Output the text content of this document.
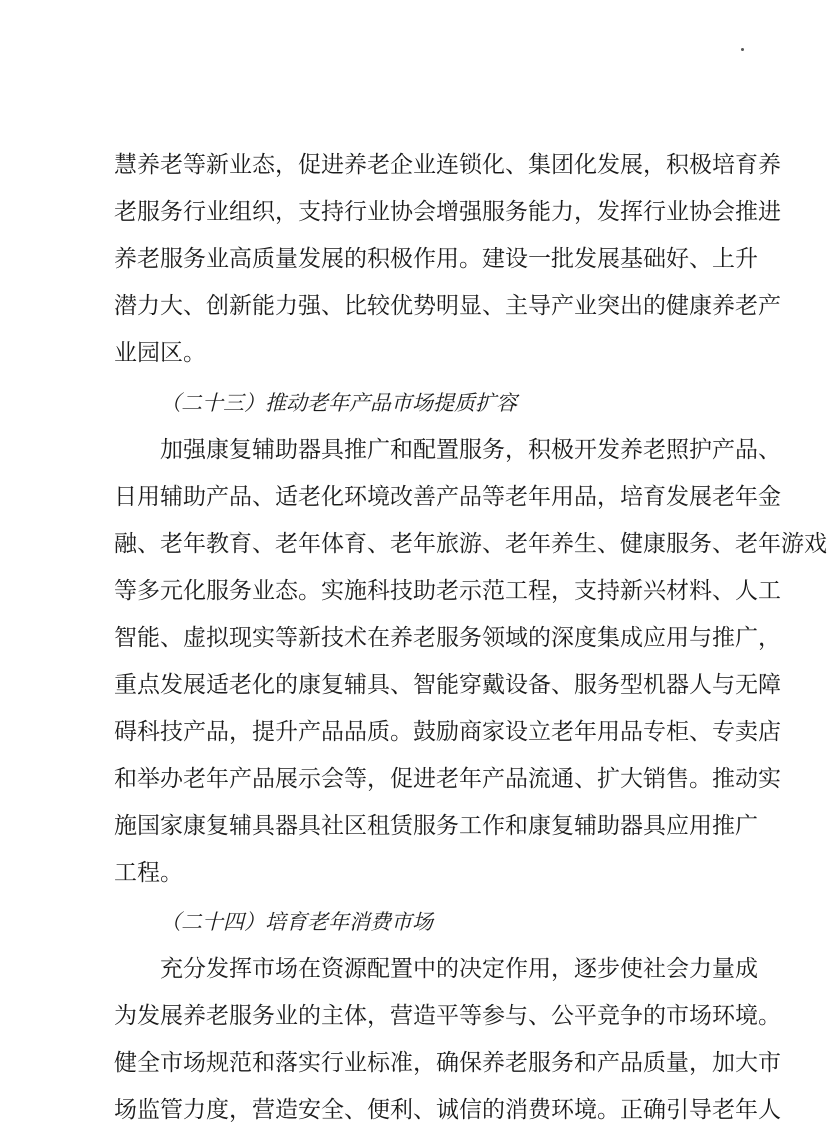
慧养老等新业态，促进养老企业连锁化、集团化发展，积极培育养
老服务行业组织，支持行业协会增强服务能力，发挥行业协会推进
养老服务业高质量发展的积极作用。建设一批发展基础好、上升
潜力大、创新能力强、比较优势明显、主导产业突出的健康养老产
业园区。
（二十三）推动老年产品市场提质扩容
加强康复辅助器具推广和配置服务，积极开发养老照护产品、
日用辅助产品、适老化环境改善产品等老年用品，培育发展老年金
融、老年教育、老年体育、老年旅游、老年养生、健康服务、老年游戏
等多元化服务业态。实施科技助老示范工程，支持新兴材料、人工
智能、虚拟现实等新技术在养老服务领域的深度集成应用与推广，
重点发展适老化的康复辅具、智能穿戴设备、服务型机器人与无障
碍科技产品，提升产品品质。鼓励商家设立老年用品专柜、专卖店
和举办老年产品展示会等，促进老年产品流通、扩大销售。推动实
施国家康复辅具器具社区租赁服务工作和康复辅助器具应用推广
工程。
（二十四）培育老年消费市场
充分发挥市场在资源配置中的决定作用，逐步使社会力量成
为发展养老服务业的主体，营造平等参与、公平竞争的市场环境。
健全市场规范和落实行业标准，确保养老服务和产品质量，加大市
场监管力度，营造安全、便利、诚信的消费环境。正确引导老年人
